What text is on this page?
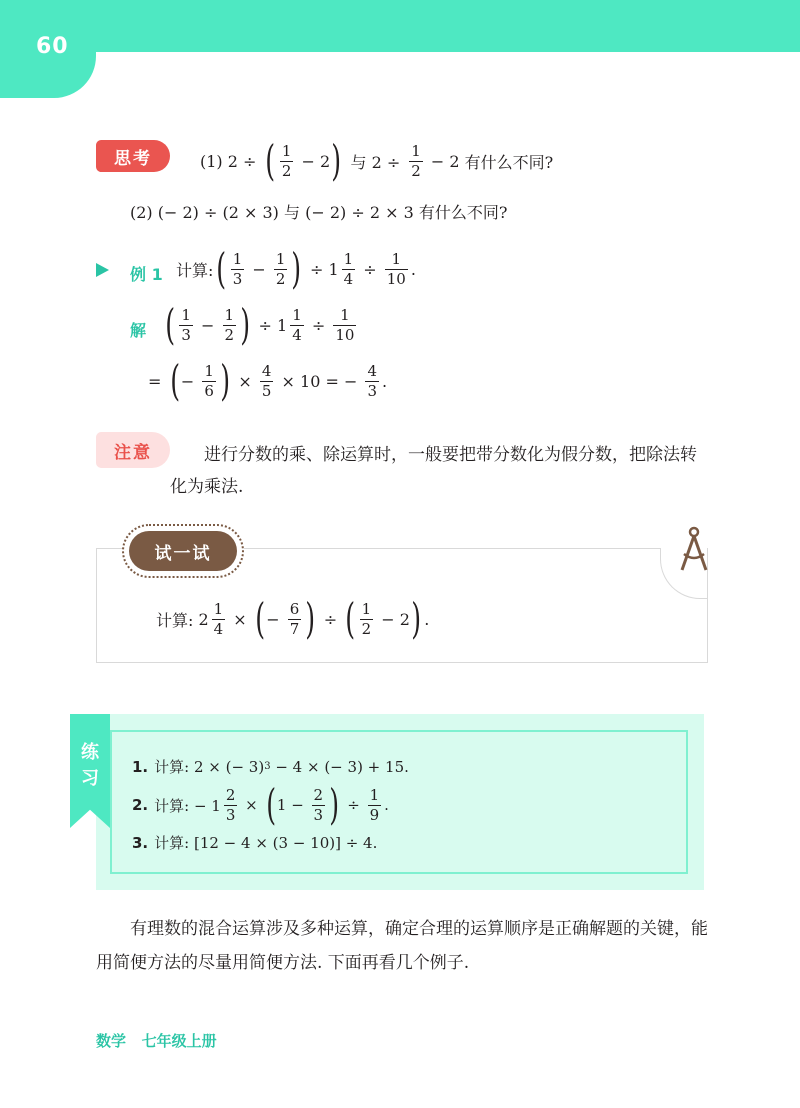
60
思考	(1) 2 ÷ ( $\frac{1}{2} - 2$ )	与 $2 \div \frac{1}{2} - 2$ 有什么不同?
(2) (− 2) ÷ (2 × 3) 与 (− 2) ÷ 2 × 3 有什么不同?
例 1 计算: ( $\frac{1}{3} - \frac{1}{2}$
) ÷ $1 \frac{1}{4} \div \frac{1}{10}$ .
解 ( $\frac{1}{3} - \frac{1}{2}$
) ÷ $1 \frac{1}{4} \div \frac{1}{10}$
= ( − $\frac{1}{6}$
) × $\frac{4}{5} \times 10$ = − $\frac{4}{3}$ .
注意	进行分数的乘、除运算时，一般要把带分数化为假分数，把除法转化为乘法.
试一试
计算: $2 \frac{1}{4}$ × ( − $\frac{6}{7}$
) ÷ ( $\frac{1}{2} - 2$ ) .
练
习
1. 计算: 2 × (− 3) 3 − 4 × (− 3) + 15.
2. 计算: − $1 \frac{2}{3}$ × ( $1 - \frac{2}{3}$
) ÷ $\frac{1}{9}$ .
3. 计算: [12 − 4 × (3 − 10)] ÷ 4.
有理数的混合运算涉及多种运算，确定合理的运算顺序是正确解题的关键，能用简便方法的尽量用简便方法. 下面再看几个例子.
数学   七年级上册
